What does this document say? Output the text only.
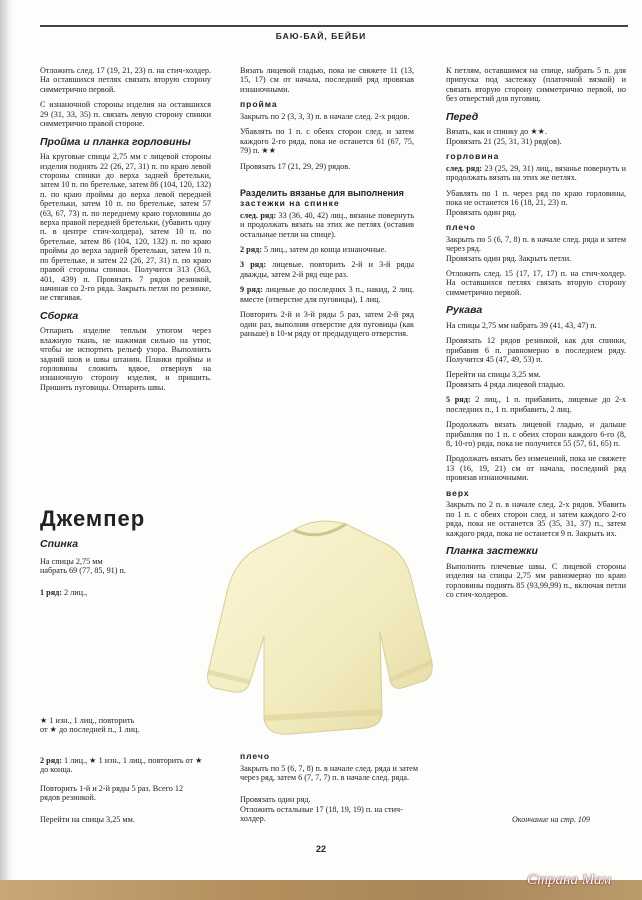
БАЮ-БАЙ, БЕЙБИ

Отложить след. 17 (19, 21, 23) п. на стич-холдер. На оставшихся петлях связать вторую сторону симметрично первой.

С изнаночной стороны изделия на оставшихся 29 (31, 33, 35) п. связать левую сторону спинки симметрично правой стороне.

Пройма и планка горловины

На круговые спицы 2,75 мм с лицевой стороны изделия поднять 22 (26, 27, 31) п. по краю левой стороны спинки до верха задней бретельки, затем 10 п. по бретельке, затем 86 (104, 120, 132) п. по краю проймы до верха левой передней бретельки, затем 10 п. по бретельке, затем 57 (63, 67, 73) п. по переднему краю горловины до верха правой передней бретельки, (убавить одну п. в центре стич-холдера), затем 10 п. по бретельке, затем 86 (104, 120, 132) п. по краю проймы до верха задней бретельки, затем 10 п. по бретельке, и затем 22 (26, 27, 31) п. по краю правой стороны спинки. Получится 313 (363, 401, 439) п. Провязать 7 рядов резинкой, начиная со 2-го ряда. Закрыть петли по резинке, не стягивая.

Сборка

Отпарить изделие теплым утюгом через влажную ткань, не нажимая сильно на утюг, чтобы не испортить рельеф узора. Выполнить задний шов и швы штанин. Планки проймы и горловины сложить вдвое, отвернув на изнаночную сторону изделия, и пришить. Пришить пуговицы. Отпарить швы.

Вязать лицевой гладью, пока не свяжете 11 (13, 15, 17) см от начала, последний ряд провязав изнаночными.

пройма

Закрыть по 2 (3, 3, 3) п. в начале след. 2-х рядов.

Убавлять по 1 п. с обеих сторон след. и затем каждого 2-го ряда, пока не останется 61 (67, 75, 79) п. ★★

Провязать 17 (21, 29, 29) рядов.

Разделить вязанье для выполнения
застежки на спинке

след. ряд: 33 (36, 40, 42) лиц., вязанье повернуть и продолжать вязать на этих же петлях (оставив остальные петли на спице).

2 ряд: 5 лиц., затем до конца изнаночные.

3 ряд: лицевые. повторить 2-й и 3-й ряды дважды, затем 2-й ряд еще раз.

9 ряд: лицевые до последних 3 п., накид, 2 лиц. вместе (отверстие для пуговицы), 1 лиц.

Повторить 2-й и 3-й ряды 5 раз, затем 2-й ряд один раз, выполняя отверстие для пуговицы (как раньше) в 10-м ряду от предыдущего отверстия.

К петлям, оставшимся на спице, набрать 5 п. для припуска под застежку (платочной вязкой) и связать вторую сторону симметрично первой, но без отверстий для пуговиц.

Перед

Вязать, как и спинку до ★★.

Провязать 21 (25, 31, 31) ряд(ов).

горловина

след. ряд: 23 (25, 29, 31) лиц., вязанье повернуть и продолжать вязать на этих же петлях.

Убавлять по 1 п. через ряд по краю горловины, пока не останется 16 (18, 21, 23) п.

Провязать один ряд.

плечо

Закрыть по 5 (6, 7, 8) п. в начале след. ряда и затем через ряд.

Провязать один ряд. Закрыть петли.

Отложить след. 15 (17, 17, 17) п. на стич-холдер. На оставшихся петлях связать вторую сторону симметрично первой.

Рукава

На спицы 2,75 мм набрать 39 (41, 43, 47) п.

Провязать 12 рядов резинкой, как для спинки, прибавив 6 п. равномерно в последнем ряду. Получится 45 (47, 49, 53) п.

Перейти на спицы 3,25 мм.

Провязать 4 ряда лицевой гладью.

5 ряд: 2 лиц., 1 п. прибавить, лицевые до 2-х последних п., 1 п. прибавить, 2 лиц.

Продолжать вязать лицевой гладью, и дальше прибавляя по 1 п. с обеих сторон каждого 6-го (8, 8, 10-го) ряда, пока не получится 55 (57, 61, 65) п.

Продолжать вязать без изменений, пока не свяжете 13 (16, 19, 21) см от начала, последний ряд провязав изнаночными.

верх

Закрыть по 2 п. в начале след. 2-х рядов. Убавить по 1 п. с обеих сторон след. и затем каждого 2-го ряда, пока не останется 35 (35, 31, 37) п., затем каждого ряда, пока не останется 9 п. Закрыть их.

Планка застежки

Выполнить плечевые швы. С лицевой стороны изделия на спицы 2,75 мм равномерно по краю горловины поднять 85 (93,99,99) п., включая петли со стич-холдеров.

Джемпер
Спинка
На спицы 2,75 мм набрать 69 (77, 85, 91) п.
1 ряд: 2 лиц.,
★ 1 изн., 1 лиц., повторить от ★ до последней п., 1 лиц.
2 ряд: 1 лиц., ★ 1 изн., 1 лиц., повторить от ★ до конца.
Повторить 1-й и 2-й ряды 5 раз. Всего 12 рядов резинкой.
Перейти на спицы 3,25 мм.
плечо
Закрыть по 5 (6, 7, 8) п. в начале след. ряда и затем через ряд, затем 6 (7, 7, 7) п. в начале след. ряда.
Провязать один ряд.
Отложить остальные 17 (18, 19, 19) п. на стич-холдер.	Окончание на стр. 109
22
Страна Мам
